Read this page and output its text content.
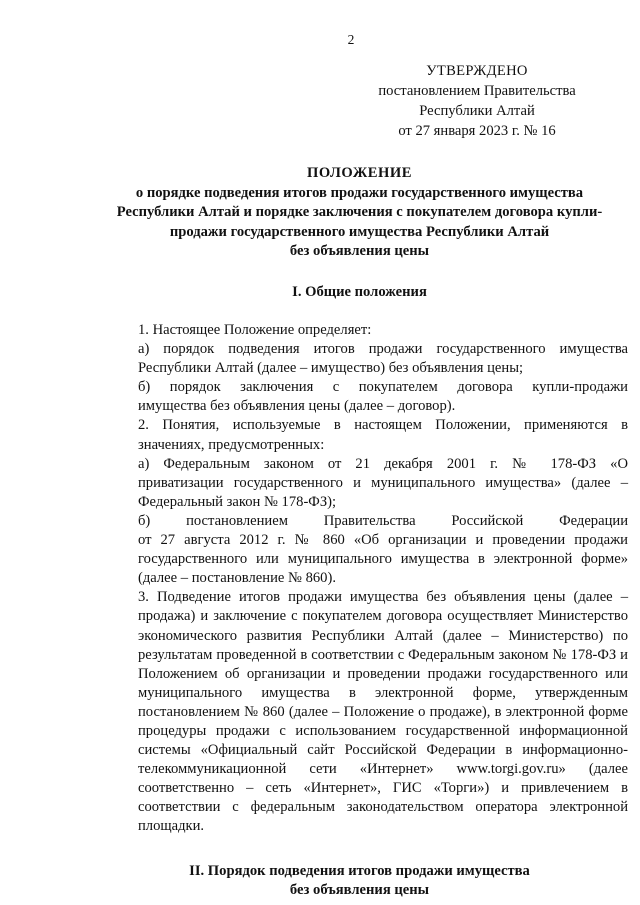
2
УТВЕРЖДЕНО
постановлением Правительства
Республики Алтай
от 27 января 2023 г. № 16
ПОЛОЖЕНИЕ
о порядке подведения итогов продажи государственного имущества
Республики Алтай и порядке заключения с покупателем договора купли-
продажи государственного имущества Республики Алтай
без объявления цены
I. Общие положения

1. Настоящее Положение определяет:

а) порядок подведения итогов продажи государственного имущества
Республики Алтай (далее – имущество) без объявления цены;

б) порядок заключения с покупателем договора купли-продажи
имущества без объявления цены (далее – договор).

2. Понятия, используемые в настоящем Положении, применяются в
значениях, предусмотренных:

а) Федеральным законом от 21 декабря 2001 г. № 178-ФЗ «О
приватизации государственного и муниципального имущества» (далее –
Федеральный закон № 178-ФЗ);

б) постановлением Правительства Российской Федерации
от 27 августа 2012 г. № 860 «Об организации и проведении продажи
государственного или муниципального имущества в электронной форме»
(далее – постановление № 860).

3. Подведение итогов продажи имущества без объявления цены (далее –
продажа) и заключение с покупателем договора осуществляет Министерство
экономического развития Республики Алтай (далее – Министерство) по
результатам проведенной в соответствии с Федеральным законом № 178-ФЗ и
Положением об организации и проведении продажи государственного или
муниципального имущества в электронной форме, утвержденным
постановлением № 860 (далее – Положение о продаже), в электронной форме
процедуры продажи с использованием государственной информационной
системы «Официальный сайт Российской Федерации в информационно-
телекоммуникационной сети «Интернет» www.torgi.gov.ru» (далее
соответственно – сеть «Интернет», ГИС «Торги») и привлечением в
соответствии с федеральным законодательством оператора электронной
площадки.

II. Порядок подведения итогов продажи имущества
без объявления цены
